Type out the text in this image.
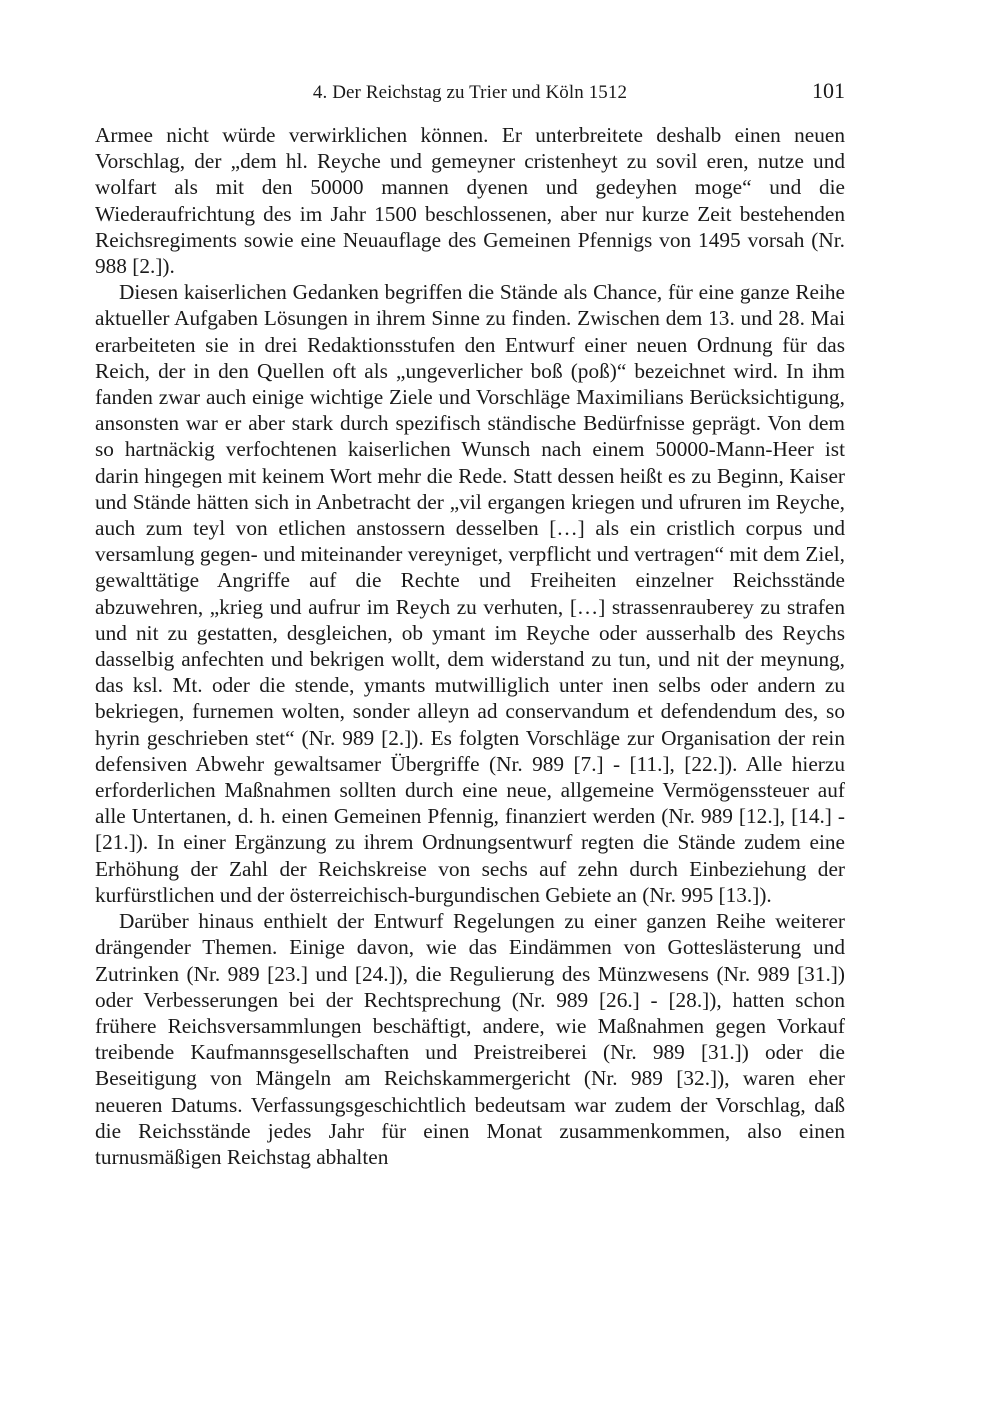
4. Der Reichstag zu Trier und Köln 1512	101

Armee nicht würde verwirklichen können. Er unterbreitete deshalb einen neuen Vorschlag, der „dem hl. Reyche und gemeyner cristenheyt zu sovil eren, nutze und wolfart als mit den 50000 mannen dyenen und gedeyhen moge“ und die Wiederaufrichtung des im Jahr 1500 beschlossenen, aber nur kurze Zeit bestehenden Reichsregiments sowie eine Neuauflage des Gemeinen Pfennigs von 1495 vorsah (Nr. 988 [2.]).

Diesen kaiserlichen Gedanken begriffen die Stände als Chance, für eine ganze Reihe aktueller Aufgaben Lösungen in ihrem Sinne zu finden. Zwischen dem 13. und 28. Mai erarbeiteten sie in drei Redaktionsstufen den Entwurf einer neuen Ordnung für das Reich, der in den Quellen oft als „ungeverlicher boß (poß)“ bezeichnet wird. In ihm fanden zwar auch einige wichtige Ziele und Vorschläge Maximilians Berücksichtigung, ansonsten war er aber stark durch spezifisch ständische Bedürfnisse geprägt. Von dem so hartnäckig verfochtenen kaiserlichen Wunsch nach einem 50000-Mann-Heer ist darin hingegen mit keinem Wort mehr die Rede. Statt dessen heißt es zu Beginn, Kaiser und Stände hätten sich in Anbetracht der „vil ergangen kriegen und ufruren im Reyche, auch zum teyl von etlichen anstossern desselben […] als ein cristlich corpus und versamlung gegen- und miteinander vereyniget, verpflicht und vertragen“ mit dem Ziel, gewalttätige Angriffe auf die Rechte und Freiheiten einzelner Reichsstände abzuwehren, „krieg und aufrur im Reych zu verhuten, […] strassenrauberey zu strafen und nit zu gestatten, desgleichen, ob ymant im Reyche oder ausserhalb des Reychs dasselbig anfechten und bekrigen wollt, dem widerstand zu tun, und nit der meynung, das ksl. Mt. oder die stende, ymants mutwilliglich unter inen selbs oder andern zu bekriegen, furnemen wolten, sonder alleyn ad conservandum et defendendum des, so hyrin geschrieben stet“ (Nr. 989 [2.]). Es folgten Vorschläge zur Organisation der rein defensiven Abwehr gewaltsamer Übergriffe (Nr. 989 [7.] - [11.], [22.]). Alle hierzu erforderlichen Maßnahmen sollten durch eine neue, allgemeine Vermögenssteuer auf alle Untertanen, d. h. einen Gemeinen Pfennig, finanziert werden (Nr. 989 [12.], [14.] - [21.]). In einer Ergänzung zu ihrem Ordnungsentwurf regten die Stände zudem eine Erhöhung der Zahl der Reichskreise von sechs auf zehn durch Einbeziehung der kurfürstlichen und der österreichisch-burgundischen Gebiete an (Nr. 995 [13.]).

Darüber hinaus enthielt der Entwurf Regelungen zu einer ganzen Reihe weiterer drängender Themen. Einige davon, wie das Eindämmen von Gotteslästerung und Zutrinken (Nr. 989 [23.] und [24.]), die Regulierung des Münzwesens (Nr. 989 [31.]) oder Verbesserungen bei der Rechtsprechung (Nr. 989 [26.] - [28.]), hatten schon frühere Reichsversammlungen beschäftigt, andere, wie Maßnahmen gegen Vorkauf treibende Kaufmannsgesellschaften und Preistreiberei (Nr. 989 [31.]) oder die Beseitigung von Mängeln am Reichskammergericht (Nr. 989 [32.]), waren eher neueren Datums. Verfassungsgeschichtlich bedeutsam war zudem der Vorschlag, daß die Reichsstände jedes Jahr für einen Monat zusammenkommen, also einen turnusmäßigen Reichstag abhalten
